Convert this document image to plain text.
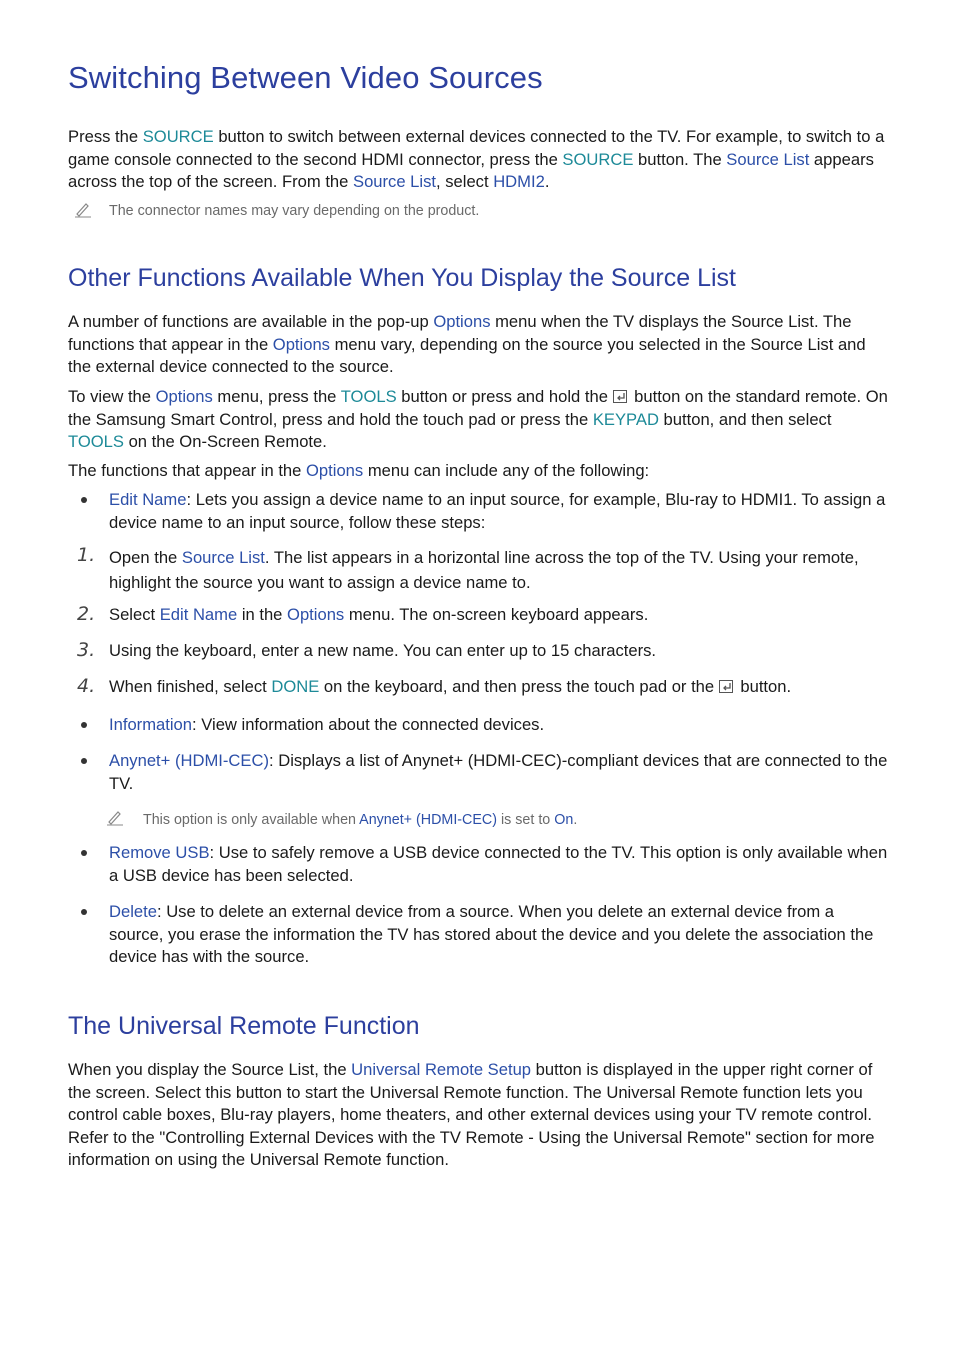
Switching Between Video Sources

Press the SOURCE button to switch between external devices connected to the TV. For example, to switch to a game console connected to the second HDMI connector, press the SOURCE button. The Source List appears across the top of the screen. From the Source List, select HDMI2.

The connector names may vary depending on the product.
Other Functions Available When You Display the Source List

A number of functions are available in the pop-up Options menu when the TV displays the Source List. The functions that appear in the Options menu vary, depending on the source you selected in the Source List and the external device connected to the source.

To view the Options menu, press the TOOLS button or press and hold the  button on the standard remote. On the Samsung Smart Control, press and hold the touch pad or press the KEYPAD button, and then select TOOLS on the On-Screen Remote.

The functions that appear in the Options menu can include any of the following:

Edit Name: Lets you assign a device name to an input source, for example, Blu-ray to HDMI1. To assign a device name to an input source, follow these steps:

1. Open the Source List. The list appears in a horizontal line across the top of the TV. Using your remote, highlight the source you want to assign a device name to.

2. Select Edit Name in the Options menu. The on-screen keyboard appears.

3. Using the keyboard, enter a new name. You can enter up to 15 characters.

4. When finished, select DONE on the keyboard, and then press the touch pad or the  button.

Information: View information about the connected devices.

Anynet+ (HDMI-CEC): Displays a list of Anynet+ (HDMI-CEC)-compliant devices that are connected to the TV.

This option is only available when Anynet+ (HDMI-CEC) is set to On.

Remove USB: Use to safely remove a USB device connected to the TV. This option is only available when a USB device has been selected.

Delete: Use to delete an external device from a source. When you delete an external device from a source, you erase the information the TV has stored about the device and you delete the association the device has with the source.

The Universal Remote Function

When you display the Source List, the Universal Remote Setup button is displayed in the upper right corner of the screen. Select this button to start the Universal Remote function. The Universal Remote function lets you control cable boxes, Blu-ray players, home theaters, and other external devices using your TV remote control. Refer to the "Controlling External Devices with the TV Remote - Using the Universal Remote" section for more information on using the Universal Remote function.
